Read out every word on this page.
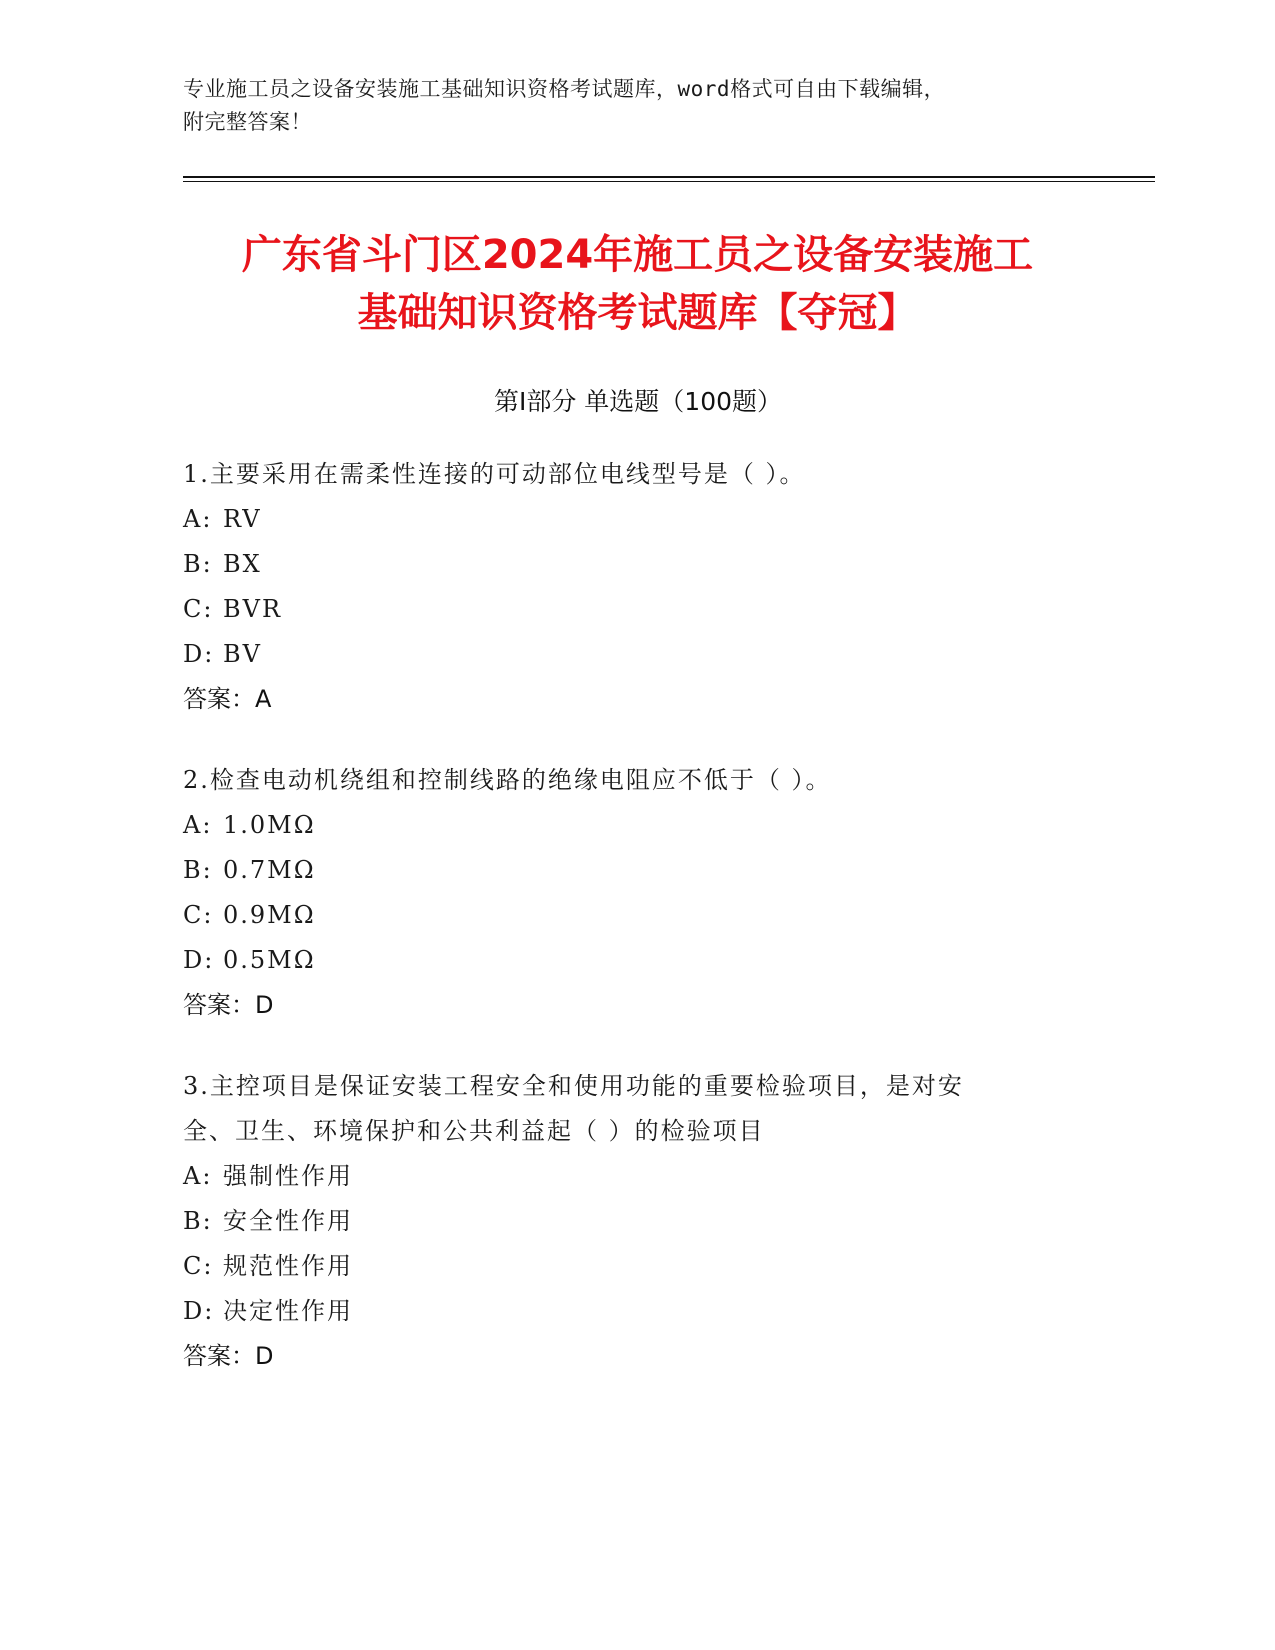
专业施工员之设备安装施工基础知识资格考试题库，word格式可自由下载编辑，
附完整答案！
广东省斗门区2024年施工员之设备安装施工
基础知识资格考试题库【夺冠】
第Ⅰ部分 单选题（100题）
1.主要采用在需柔性连接的可动部位电线型号是（ ）。
A: RV
B: BX
C: BVR
D: BV
答案：A
2.检查电动机绕组和控制线路的绝缘电阻应不低于（ ）。
A: 1.0MΩ
B: 0.7MΩ
C: 0.9MΩ
D: 0.5MΩ
答案：D
3.主控项目是保证安装工程安全和使用功能的重要检验项目，是对安
全、卫生、环境保护和公共利益起（ ）的检验项目
A: 强制性作用
B: 安全性作用
C: 规范性作用
D: 决定性作用
答案：D
